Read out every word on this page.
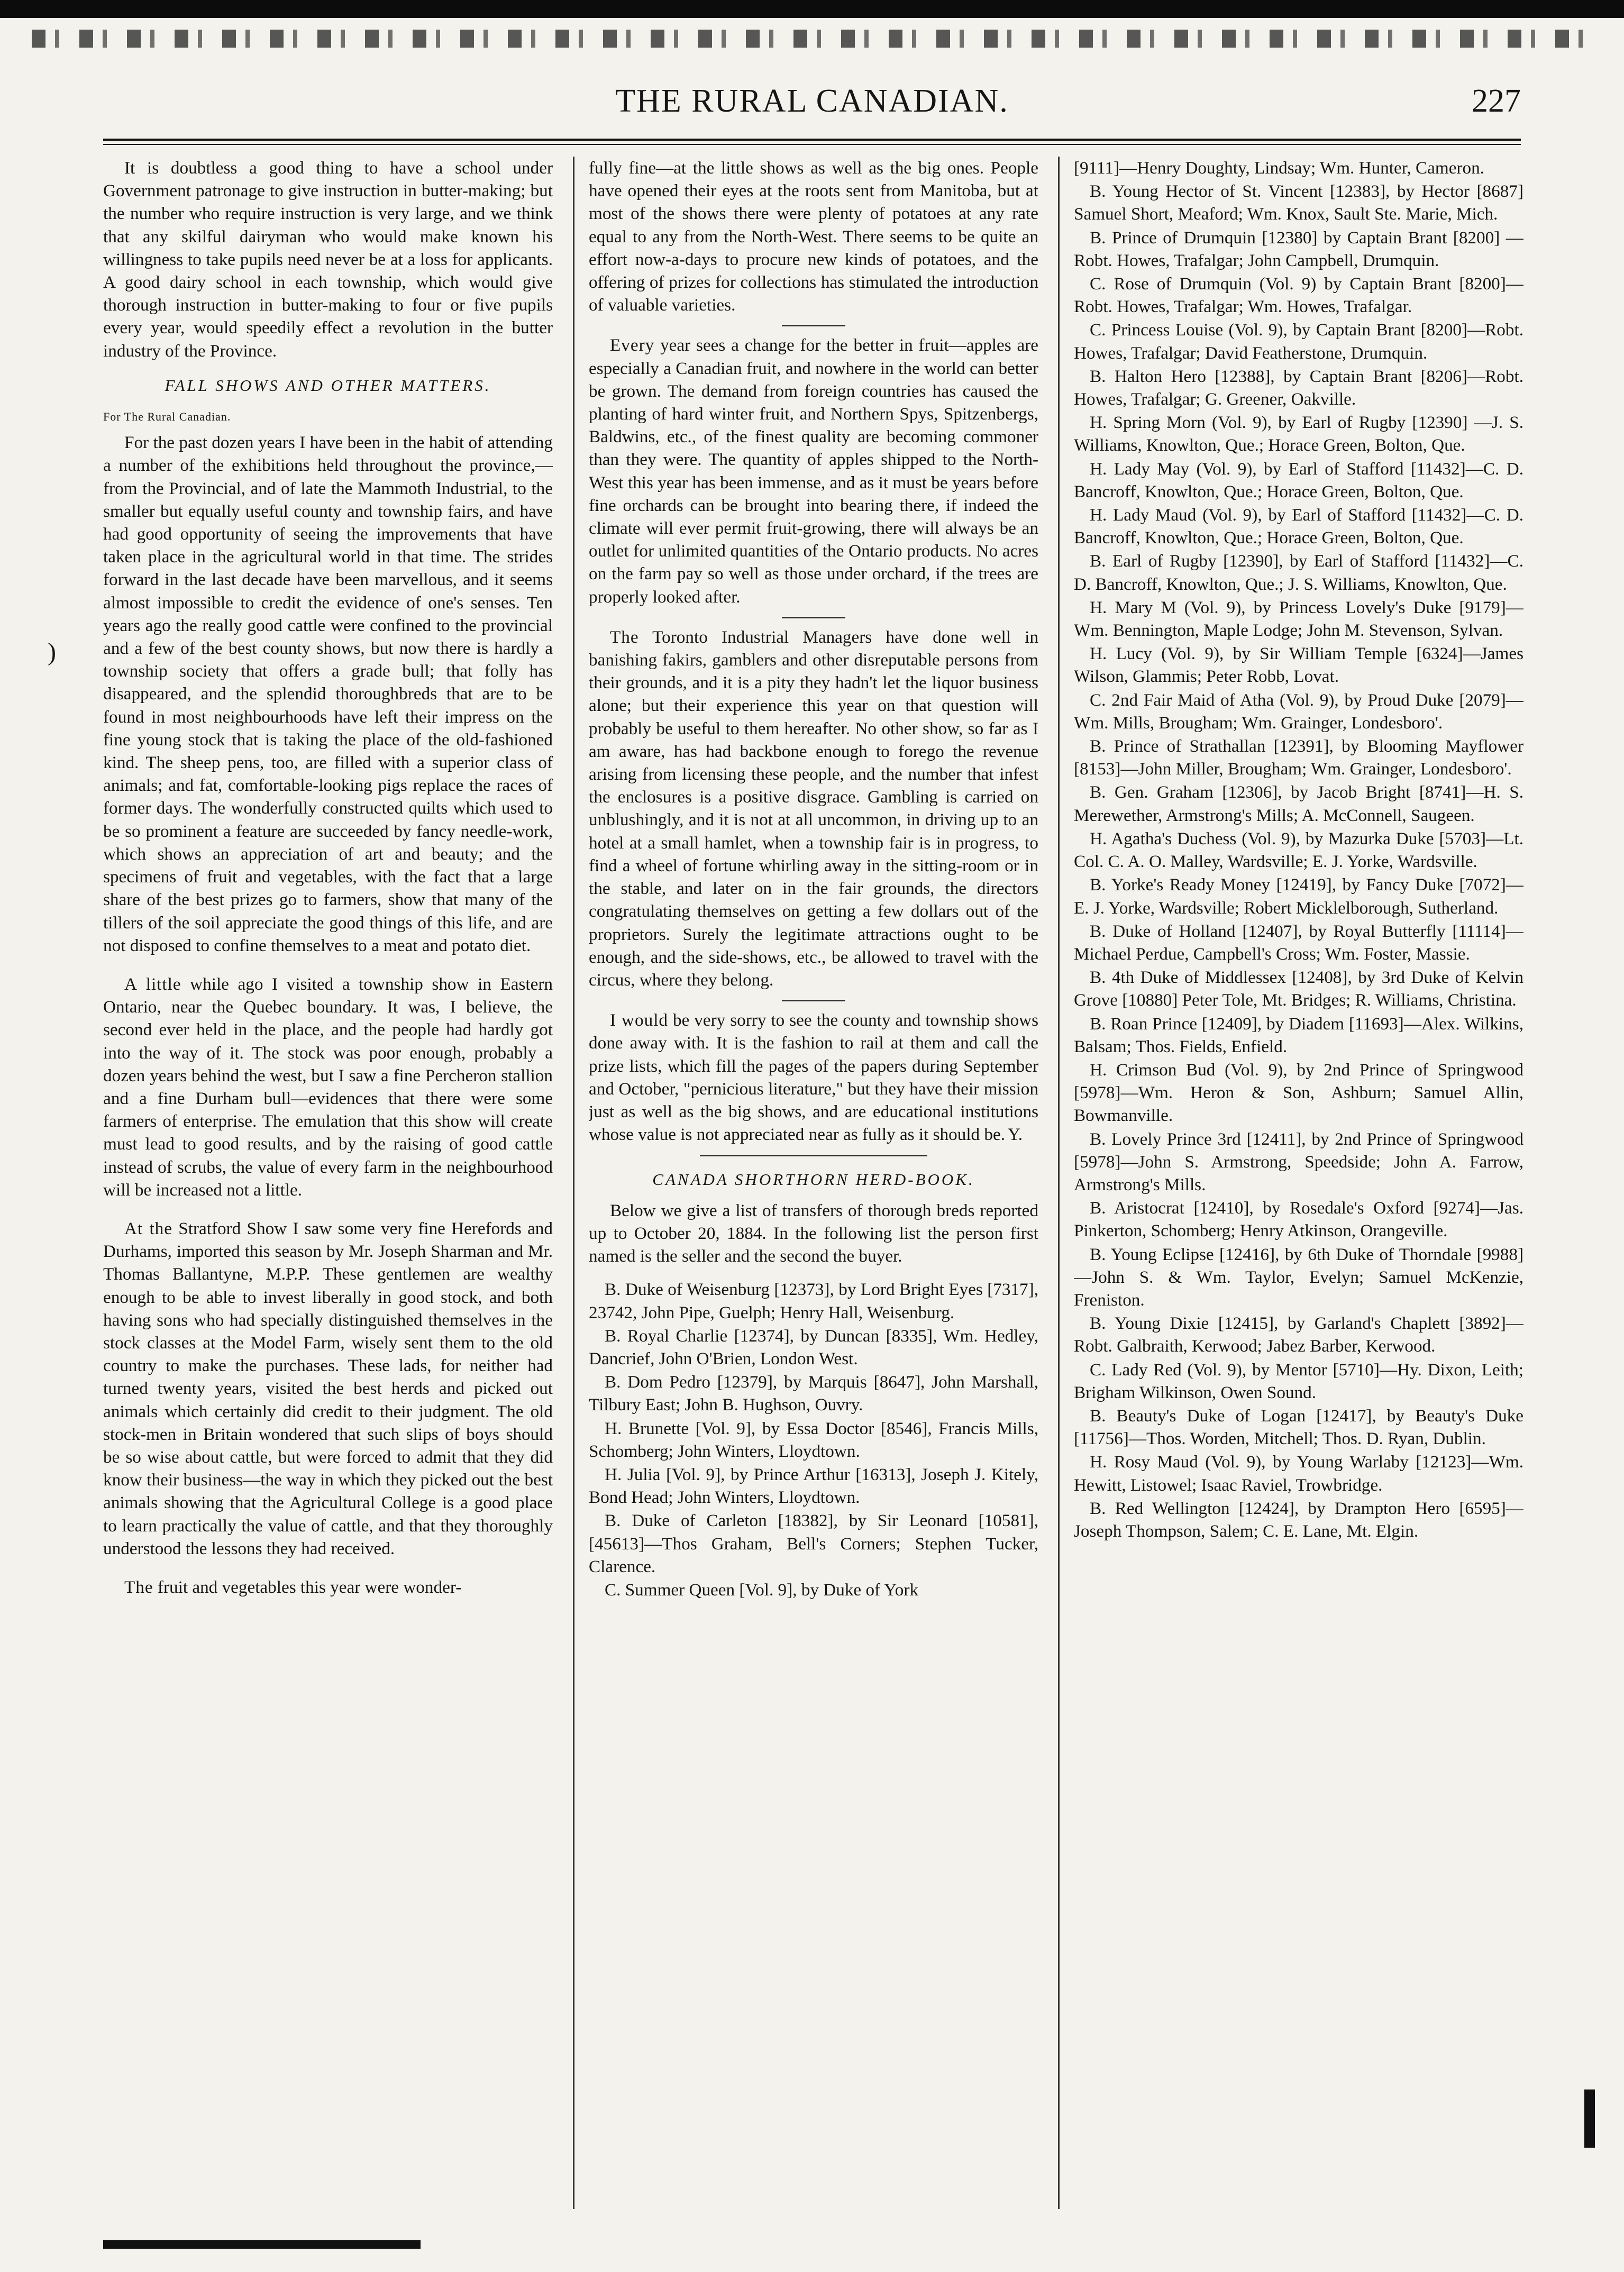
THE RURAL CANADIAN.	227
)

It is doubtless a good thing to have a school under Government patronage to give instruction in butter-making; but the number who require instruction is very large, and we think that any skilful dairyman who would make known his willingness to take pupils need never be at a loss for applicants. A good dairy school in each township, which would give thorough instruction in butter-making to four or five pupils every year, would speedily effect a revolution in the butter industry of the Province.

FALL SHOWS AND OTHER MATTERS.
For The Rural Canadian.

For the past dozen years I have been in the habit of attending a number of the exhibitions held throughout the province,—from the Provincial, and of late the Mammoth Industrial, to the smaller but equally useful county and township fairs, and have had good opportunity of seeing the improvements that have taken place in the agricultural world in that time. The strides forward in the last decade have been marvellous, and it seems almost impossible to credit the evidence of one's senses. Ten years ago the really good cattle were confined to the provincial and a few of the best county shows, but now there is hardly a township society that offers a grade bull; that folly has disappeared, and the splendid thoroughbreds that are to be found in most neighbourhoods have left their impress on the fine young stock that is taking the place of the old-fashioned kind. The sheep pens, too, are filled with a superior class of animals; and fat, comfortable-looking pigs replace the races of former days. The wonderfully constructed quilts which used to be so prominent a feature are succeeded by fancy needle-work, which shows an appreciation of art and beauty; and the specimens of fruit and vegetables, with the fact that a large share of the best prizes go to farmers, show that many of the tillers of the soil appreciate the good things of this life, and are not disposed to confine themselves to a meat and potato diet.

A little while ago I visited a township show in Eastern Ontario, near the Quebec boundary. It was, I believe, the second ever held in the place, and the people had hardly got into the way of it. The stock was poor enough, probably a dozen years behind the west, but I saw a fine Percheron stallion and a fine Durham bull—evidences that there were some farmers of enterprise. The emulation that this show will create must lead to good results, and by the raising of good cattle instead of scrubs, the value of every farm in the neighbourhood will be increased not a little.

At the Stratford Show I saw some very fine Herefords and Durhams, imported this season by Mr. Joseph Sharman and Mr. Thomas Ballantyne, M.P.P. These gentlemen are wealthy enough to be able to invest liberally in good stock, and both having sons who had specially distinguished themselves in the stock classes at the Model Farm, wisely sent them to the old country to make the purchases. These lads, for neither had turned twenty years, visited the best herds and picked out animals which certainly did credit to their judgment. The old stock-men in Britain wondered that such slips of boys should be so wise about cattle, but were forced to admit that they did know their business—the way in which they picked out the best animals showing that the Agricultural College is a good place to learn practically the value of cattle, and that they thoroughly understood the lessons they had received.

The fruit and vegetables this year were wonder-

fully fine—at the little shows as well as the big ones. People have opened their eyes at the roots sent from Manitoba, but at most of the shows there were plenty of potatoes at any rate equal to any from the North-West. There seems to be quite an effort now-a-days to procure new kinds of potatoes, and the offering of prizes for collections has stimulated the introduction of valuable varieties.

Every year sees a change for the better in fruit—apples are especially a Canadian fruit, and nowhere in the world can better be grown. The demand from foreign countries has caused the planting of hard winter fruit, and Northern Spys, Spitzenbergs, Baldwins, etc., of the finest quality are becoming commoner than they were. The quantity of apples shipped to the North-West this year has been immense, and as it must be years before fine orchards can be brought into bearing there, if indeed the climate will ever permit fruit-growing, there will always be an outlet for unlimited quantities of the Ontario products. No acres on the farm pay so well as those under orchard, if the trees are properly looked after.

The Toronto Industrial Managers have done well in banishing fakirs, gamblers and other disreputable persons from their grounds, and it is a pity they hadn't let the liquor business alone; but their experience this year on that question will probably be useful to them hereafter. No other show, so far as I am aware, has had backbone enough to forego the revenue arising from licensing these people, and the number that infest the enclosures is a positive disgrace. Gambling is carried on unblushingly, and it is not at all uncommon, in driving up to an hotel at a small hamlet, when a township fair is in progress, to find a wheel of fortune whirling away in the sitting-room or in the stable, and later on in the fair grounds, the directors congratulating themselves on getting a few dollars out of the proprietors. Surely the legitimate attractions ought to be enough, and the side-shows, etc., be allowed to travel with the circus, where they belong.

I would be very sorry to see the county and township shows done away with. It is the fashion to rail at them and call the prize lists, which fill the pages of the papers during September and October, "pernicious literature," but they have their mission just as well as the big shows, and are educational institutions whose value is not appreciated near as fully as it should be. Y.

CANADA SHORTHORN HERD-BOOK.

Below we give a list of transfers of thorough breds reported up to October 20, 1884. In the following list the person first named is the seller and the second the buyer.

B. Duke of Weisenburg [12373], by Lord Bright Eyes [7317], 23742, John Pipe, Guelph; Henry Hall, Weisenburg.

B. Royal Charlie [12374], by Duncan [8335], Wm. Hedley, Dancrief, John O'Brien, London West.

B. Dom Pedro [12379], by Marquis [8647], John Marshall, Tilbury East; John B. Hughson, Ouvry.

H. Brunette [Vol. 9], by Essa Doctor [8546], Francis Mills, Schomberg; John Winters, Lloydtown.

H. Julia [Vol. 9], by Prince Arthur [16313], Joseph J. Kitely, Bond Head; John Winters, Lloydtown.

B. Duke of Carleton [18382], by Sir Leonard [10581], [45613]—Thos Graham, Bell's Corners; Stephen Tucker, Clarence.

C. Summer Queen [Vol. 9], by Duke of York

[9111]—Henry Doughty, Lindsay; Wm. Hunter, Cameron.

B. Young Hector of St. Vincent [12383], by Hector [8687] Samuel Short, Meaford; Wm. Knox, Sault Ste. Marie, Mich.

B. Prince of Drumquin [12380] by Captain Brant [8200] —Robt. Howes, Trafalgar; John Campbell, Drumquin.

C. Rose of Drumquin (Vol. 9) by Captain Brant [8200]—Robt. Howes, Trafalgar; Wm. Howes, Trafalgar.

C. Princess Louise (Vol. 9), by Captain Brant [8200]—Robt. Howes, Trafalgar; David Featherstone, Drumquin.

B. Halton Hero [12388], by Captain Brant [8206]—Robt. Howes, Trafalgar; G. Greener, Oakville.

H. Spring Morn (Vol. 9), by Earl of Rugby [12390] —J. S. Williams, Knowlton, Que.; Horace Green, Bolton, Que.

H. Lady May (Vol. 9), by Earl of Stafford [11432]—C. D. Bancroff, Knowlton, Que.; Horace Green, Bolton, Que.

H. Lady Maud (Vol. 9), by Earl of Stafford [11432]—C. D. Bancroff, Knowlton, Que.; Horace Green, Bolton, Que.

B. Earl of Rugby [12390], by Earl of Stafford [11432]—C. D. Bancroff, Knowlton, Que.; J. S. Williams, Knowlton, Que.

H. Mary M (Vol. 9), by Princess Lovely's Duke [9179]—Wm. Bennington, Maple Lodge; John M. Stevenson, Sylvan.

H. Lucy (Vol. 9), by Sir William Temple [6324]—James Wilson, Glammis; Peter Robb, Lovat.

C. 2nd Fair Maid of Atha (Vol. 9), by Proud Duke [2079]—Wm. Mills, Brougham; Wm. Grainger, Londesboro'.

B. Prince of Strathallan [12391], by Blooming Mayflower [8153]—John Miller, Brougham; Wm. Grainger, Londesboro'.

B. Gen. Graham [12306], by Jacob Bright [8741]—H. S. Merewether, Armstrong's Mills; A. McConnell, Saugeen.

H. Agatha's Duchess (Vol. 9), by Mazurka Duke [5703]—Lt. Col. C. A. O. Malley, Wardsville; E. J. Yorke, Wardsville.

B. Yorke's Ready Money [12419], by Fancy Duke [7072]—E. J. Yorke, Wardsville; Robert Micklelborough, Sutherland.

B. Duke of Holland [12407], by Royal Butterfly [11114]—Michael Perdue, Campbell's Cross; Wm. Foster, Massie.

B. 4th Duke of Middlessex [12408], by 3rd Duke of Kelvin Grove [10880] Peter Tole, Mt. Bridges; R. Williams, Christina.

B. Roan Prince [12409], by Diadem [11693]—Alex. Wilkins, Balsam; Thos. Fields, Enfield.

H. Crimson Bud (Vol. 9), by 2nd Prince of Springwood [5978]—Wm. Heron & Son, Ashburn; Samuel Allin, Bowmanville.

B. Lovely Prince 3rd [12411], by 2nd Prince of Springwood [5978]—John S. Armstrong, Speedside; John A. Farrow, Armstrong's Mills.

B. Aristocrat [12410], by Rosedale's Oxford [9274]—Jas. Pinkerton, Schomberg; Henry Atkinson, Orangeville.

B. Young Eclipse [12416], by 6th Duke of Thorndale [9988]—John S. & Wm. Taylor, Evelyn; Samuel McKenzie, Freniston.

B. Young Dixie [12415], by Garland's Chaplett [3892]—Robt. Galbraith, Kerwood; Jabez Barber, Kerwood.

C. Lady Red (Vol. 9), by Mentor [5710]—Hy. Dixon, Leith; Brigham Wilkinson, Owen Sound.

B. Beauty's Duke of Logan [12417], by Beauty's Duke [11756]—Thos. Worden, Mitchell; Thos. D. Ryan, Dublin.

H. Rosy Maud (Vol. 9), by Young Warlaby [12123]—Wm. Hewitt, Listowel; Isaac Raviel, Trowbridge.

B. Red Wellington [12424], by Drampton Hero [6595]—Joseph Thompson, Salem; C. E. Lane, Mt. Elgin.
